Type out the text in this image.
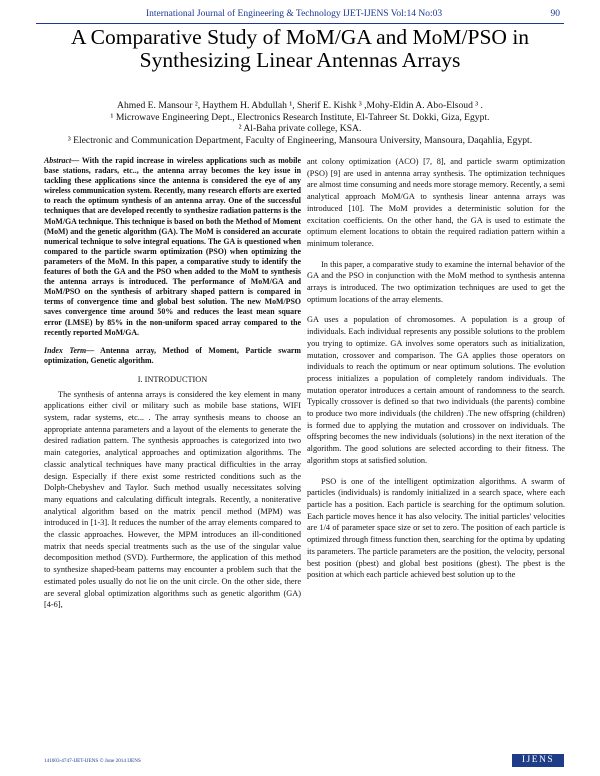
International Journal of Engineering & Technology IJET-IJENS Vol:14 No:03	90
A Comparative Study of MoM/GA and MoM/PSO in Synthesizing Linear Antennas Arrays
Ahmed E. Mansour ², Haythem H. Abdullah ¹, Sherif E. Kishk ³ ,Mohy-Eldin A. Abo-Elsoud ³ .
¹ Microwave Engineering Dept., Electronics Research Institute, El-Tahreer St. Dokki, Giza, Egypt.
² Al-Baha private college, KSA.
³ Electronic and Communication Department, Faculty of Engineering, Mansoura University, Mansoura, Daqahlia, Egypt.

Abstract— With the rapid increase in wireless applications such as mobile base stations, radars, etc.., the antenna array becomes the key issue in tackling these applications since the antenna is considered the eye of any wireless communication system. Recently, many research efforts are exerted to reach the optimum synthesis of an antenna array. One of the successful techniques that are developed recently to synthesize radiation patterns is the MoM/GA technique. This technique is based on both the Method of Moment (MoM) and the genetic algorithm (GA). The MoM is considered an accurate numerical technique to solve integral equations. The GA is questioned when compared to the particle swarm optimization (PSO) when optimizing the parameters of the MoM. In this paper, a comparative study to identify the features of both the GA and the PSO when added to the MoM to synthesis the antenna arrays is introduced. The performance of MoM/GA and MoM/PSO on the synthesis of arbitrary shaped pattern is compared in terms of convergence time and global best solution. The new MoM/PSO saves convergence time around 50% and reduces the least mean square error (LMSE) by 85% in the non-uniform spaced array compared to the recently reported MoM/GA.

Index Term— Antenna array, Method of Moment, Particle swarm optimization, Genetic algorithm.

I. INTRODUCTION

The synthesis of antenna arrays is considered the key element in many applications either civil or military such as mobile base stations, WIFI system, radar systems, etc... . The array synthesis means to choose an appropriate antenna parameters and a layout of the elements to generate the desired radiation pattern. The synthesis approaches is categorized into two main categories, analytical approaches and optimization algorithms. The classic analytical techniques have many practical difficulties in the array design. Especially if there exist some restricted conditions such as the Dolph-Chebyshev and Taylor. Such method usually necessitates solving many equations and calculating difficult integrals. Recently, a noniterative analytical algorithm based on the matrix pencil method (MPM) was introduced in [1-3]. It reduces the number of the array elements compared to the classic approaches. However, the MPM introduces an ill-conditioned matrix that needs special treatments such as the use of the singular value decomposition method (SVD). Furthermore, the application of this method to synthesize shaped-beam patterns may encounter a problem such that the estimated poles usually do not lie on the unit circle. On the other side, there are several global optimization algorithms such as genetic algorithm (GA) [4-6],

ant colony optimization (ACO) [7, 8], and particle swarm optimization (PSO) [9] are used in antenna array synthesis. The optimization techniques are almost time consuming and needs more storage memory. Recently, a semi analytical approach MoM/GA to synthesis linear antenna arrays was introduced [10]. The MoM provides a deterministic solution for the excitation coefficients. On the other hand, the GA is used to estimate the optimum element locations to obtain the required radiation pattern within a minimum tolerance.

In this paper, a comparative study to examine the internal behavior of the GA and the PSO in conjunction with the MoM method to synthesis antenna arrays is introduced. The two optimization techniques are used to get the optimum locations of the array elements.

GA uses a population of chromosomes. A population is a group of individuals. Each individual represents any possible solutions to the problem you trying to optimize. GA involves some operators such as initialization, mutation, crossover and comparison. The GA applies those operators on individuals to reach the optimum or near optimum solutions. The evolution process initializes a population of completely random individuals. The mutation operator introduces a certain amount of randomness to the search. Typically crossover is defined so that two individuals (the parents) combine to produce two more individuals (the children) .The new offspring (children) is formed due to applying the mutation and crossover on individuals. The offspring becomes the new individuals (solutions) in the next iteration of the algorithm. The good solutions are selected according to their fitness. The algorithm stops at satisfied solution.

PSO is one of the intelligent optimization algorithms. A swarm of particles (individuals) is randomly initialized in a search space, where each particle has a position. Each particle is searching for the optimum solution. Each particle moves hence it has also velocity. The initial particles' velocities are 1/4 of parameter space size or set to zero. The position of each particle is optimized through fitness function then, searching for the optima by updating its parameters. The particle parameters are the position, the velocity, personal best position (pbest) and global best positions (gbest). The pbest is the position at which each particle achieved best solution up to the

141003-4747-IJET-IJENS © June 2014 IJENS	IJENS
